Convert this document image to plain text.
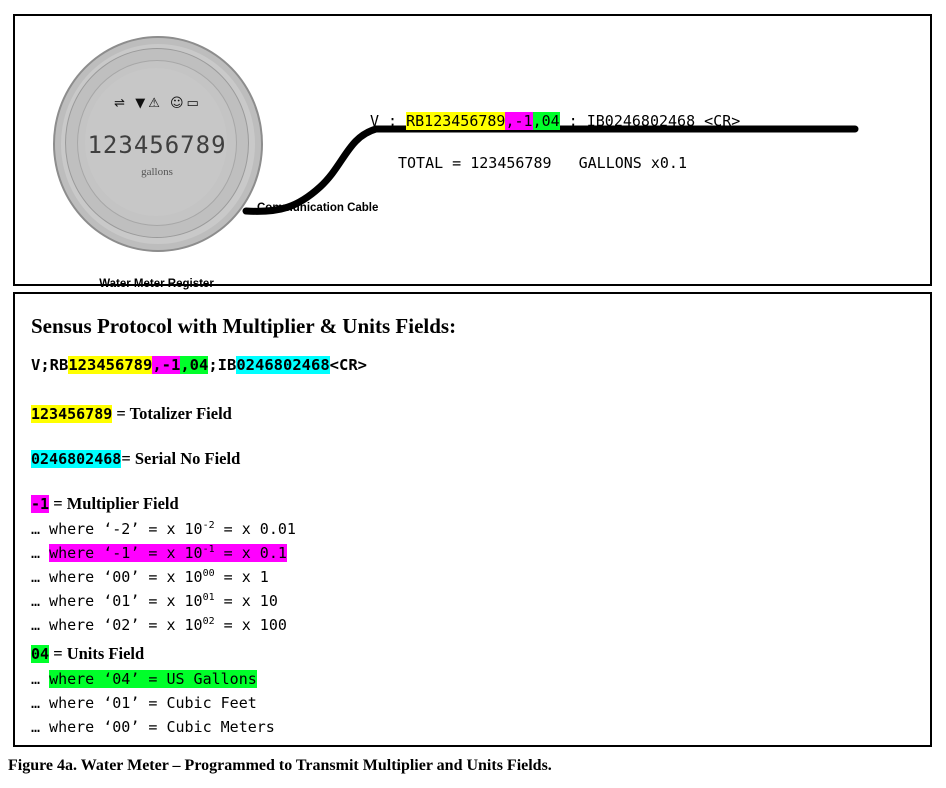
⇌ ▼⚠ ☺▭
123456789
gallons
Water Meter Register
Communication Cable
V ; RB123456789,-1,04 ; IB0246802468 <CR>
TOTAL = 123456789   GALLONS x0.1
Sensus Protocol with Multiplier & Units Fields:
V;RB123456789,-1,04;IB0246802468<CR>
123456789 = Totalizer Field
0246802468= Serial No Field
-1 = Multiplier Field
… where ‘-2’ = x $10^{-2} = x$ 0.01
… where ‘-1’ = x $10^{-1} = x$ 0.1
… where ‘00’ = x $10^{00} = x$ 1
… where ‘01’ = x $10^{01} = x$ 10
… where ‘02’ = x $10^{02} = x$ 100
04 = Units Field
… where ‘04’ = US Gallons
… where ‘01’ = Cubic Feet
… where ‘00’ = Cubic Meters
Figure 4a. Water Meter – Programmed to Transmit Multiplier and Units Fields.
